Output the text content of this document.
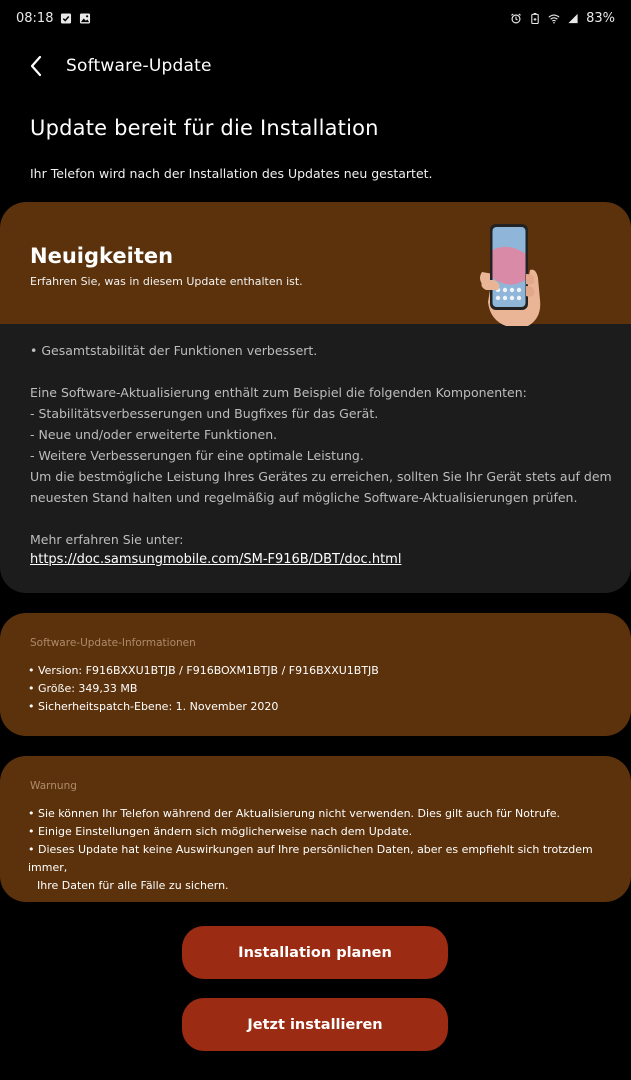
08:18	83%
Software-Update
Update bereit für die Installation
Ihr Telefon wird nach der Installation des Updates neu gestartet.
Neuigkeiten
Erfahren Sie, was in diesem Update enthalten ist.

• Gesamtstabilität der Funktionen verbessert.

Eine Software-Aktualisierung enthält zum Beispiel die folgenden Komponenten:

- Stabilitätsverbesserungen und Bugfixes für das Gerät.

- Neue und/oder erweiterte Funktionen.

- Weitere Verbesserungen für eine optimale Leistung.

Um die bestmögliche Leistung Ihres Gerätes zu erreichen, sollten Sie Ihr Gerät stets auf dem

neuesten Stand halten und regelmäßig auf mögliche Software-Aktualisierungen prüfen.

Mehr erfahren Sie unter:

https://doc.samsungmobile.com/SM-F916B/DBT/doc.html
Software-Update-Informationen

• Version: F916BXXU1BTJB / F916BOXM1BTJB / F916BXXU1BTJB

• Größe: 349,33 MB

• Sicherheitspatch-Ebene: 1. November 2020

Warnung

• Sie können Ihr Telefon während der Aktualisierung nicht verwenden. Dies gilt auch für Notrufe.

• Einige Einstellungen ändern sich möglicherweise nach dem Update.

• Dieses Update hat keine Auswirkungen auf Ihre persönlichen Daten, aber es empfiehlt sich trotzdem immer,

Ihre Daten für alle Fälle zu sichern.

Installation planen
Jetzt installieren
